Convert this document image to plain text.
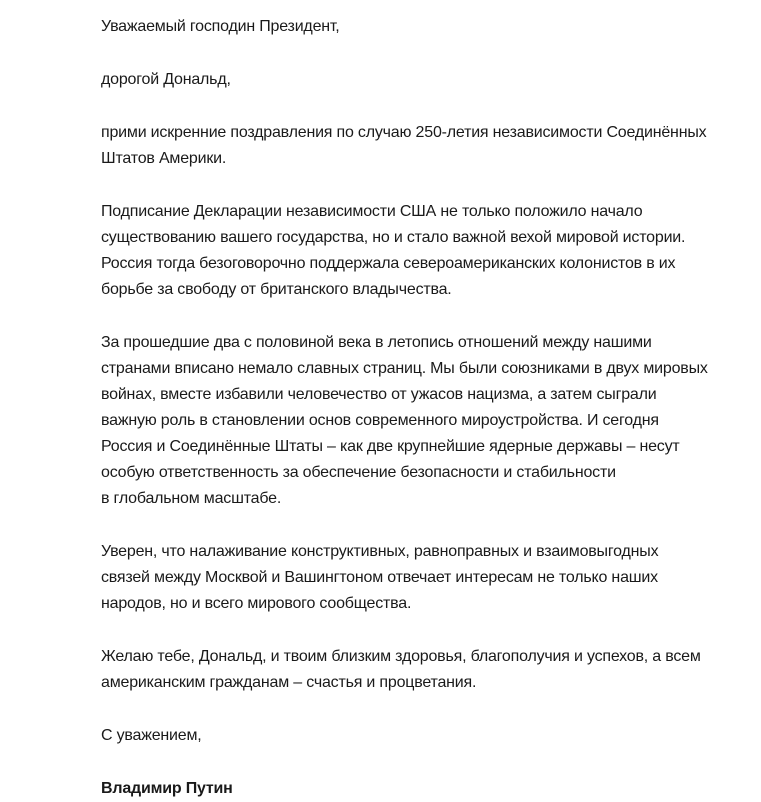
Уважаемый господин Президент,

дорогой Дональд,

прими искренние поздравления по случаю 250-летия независимости Соединённых
Штатов Америки.

Подписание Декларации независимости США не только положило начало
существованию вашего государства, но и стало важной вехой мировой истории.
Россия тогда безоговорочно поддержала североамериканских колонистов в их
борьбе за свободу от британского владычества.

За прошедшие два с половиной века в летопись отношений между нашими
странами вписано немало славных страниц. Мы были союзниками в двух мировых
войнах, вместе избавили человечество от ужасов нацизма, а затем сыграли
важную роль в становлении основ современного мироустройства. И сегодня
Россия и Соединённые Штаты – как две крупнейшие ядерные державы – несут
особую ответственность за обеспечение безопасности и стабильности
в глобальном масштабе.

Уверен, что налаживание конструктивных, равноправных и взаимовыгодных
связей между Москвой и Вашингтоном отвечает интересам не только наших
народов, но и всего мирового сообщества.

Желаю тебе, Дональд, и твоим близким здоровья, благополучия и успехов, а всем
американским гражданам – счастья и процветания.

С уважением,

Владимир Путин
